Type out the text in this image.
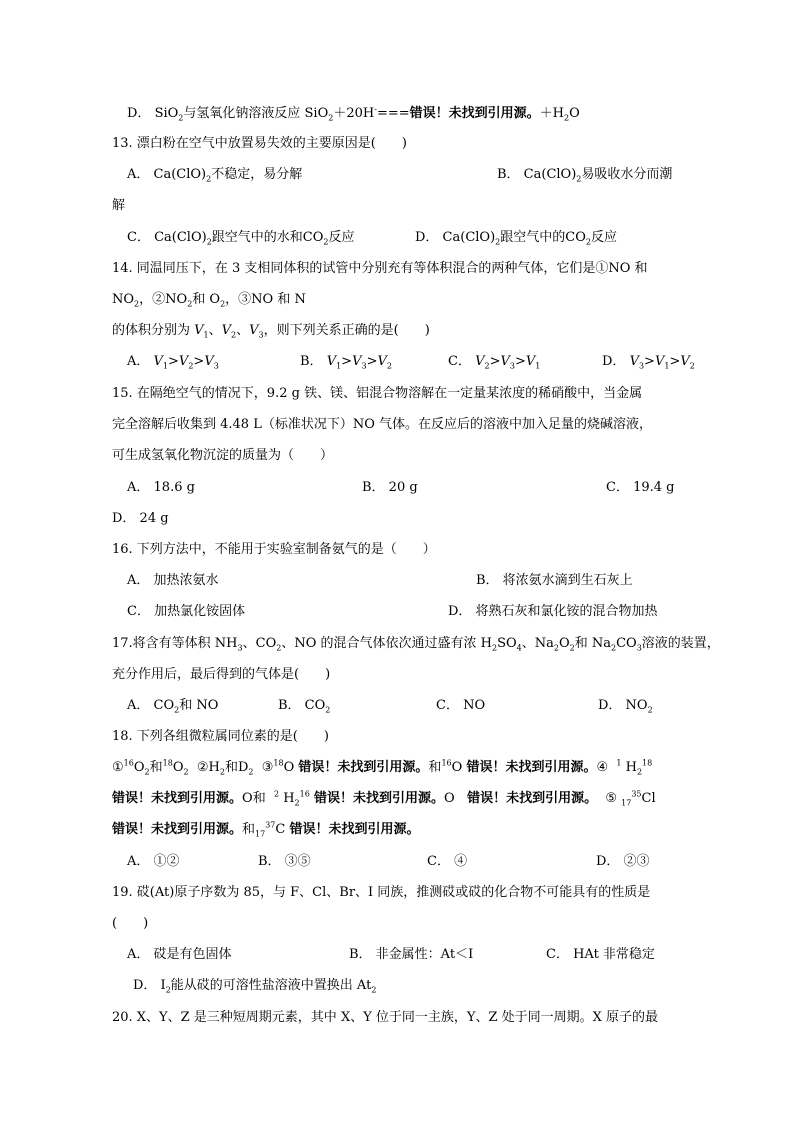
D． SiO$_2$与氢氧化钠溶液反应 SiO$_2$＋20H-===错误！未找到引用源。$+H_2O$
13. 漂白粉在空气中放置易失效的主要原因是(　　)
A． $Ca(ClO)_2$不稳定，易分解	B． $Ca(ClO)_2$易吸收水分而潮
解
C． $Ca(ClO)_2$跟空气中的水和$CO_2$反应	D． $Ca(ClO)_2$跟空气中的$CO_2$反应
14. 同温同压下，在 3 支相同体积的试管中分别充有等体积混合的两种气体，它们是①NO 和
$NO_2$，$②NO_2$和 $O_2$，③NO 和 N
的体积分别为 $V_1$、$V_2$、$V_3$，则下列关系正确的是(　　)
A． $V_1>V_2>V_3$	B． $V_1>V_3>V_2$	C． $V_2>V_3>V_1$	D． $V_3>V_1>V_2$
15. 在隔绝空气的情况下，9.2 g 铁、镁、铝混合物溶解在一定量某浓度的稀硝酸中，当金属
完全溶解后收集到 4.48 L（标准状况下）NO 气体。在反应后的溶液中加入足量的烧碱溶液，
可生成氢氧化物沉淀的质量为（　　）
A． 18.6 g	B． 20 g	C． 19.4 g
D． 24 g
16. 下列方法中，不能用于实验室制备氨气的是（　　）
A． 加热浓氨水	B． 将浓氨水滴到生石灰上
C． 加热氯化铵固体	D． 将熟石灰和氯化铵的混合物加热
17.将含有等体积 $NH_3$、$CO_2$、NO 的混合气体依次通过盛有浓 $H_2SO_4$、$Na_2O_2$和 $Na_2CO_3$溶液的装置，
充分作用后，最后得到的气体是(　　)
A． $CO_2$和 NO	B． $CO_2$	C． NO	D． $NO_2$
18. 下列各组微粒属同位素的是(　　)
$①^{16}O_2$和$^{18}O_2$  $②H_2$和$D_2$  ③$^{18}$O 错误！未找到引用源。和$^{16}$O 错误！未找到引用源。④  $^1$ $H_2^{18}$
错误！未找到引用源。O和 $^2$ $H_2^{16}$ 错误！未找到引用源。O   错误！未找到引用源。  ⑤ $_{17}^{35}$Cl
错误！未找到引用源。和$_{17}^{37}$C 错误！未找到引用源。
A． ①②	B． ③⑤	C． ④	D． ②③
19. 砹(At)原子序数为 85，与 F、Cl、Br、I 同族，推测砹或砹的化合物不可能具有的性质是
(　　)
A． 砹是有色固体	B． 非金属性：At＜I	C． HAt 非常稳定
D． $I_2$能从砹的可溶性盐溶液中置换出 $At_2$
20. X、Y、Z 是三种短周期元素，其中 X、Y 位于同一主族，Y、Z 处于同一周期。X 原子的最
